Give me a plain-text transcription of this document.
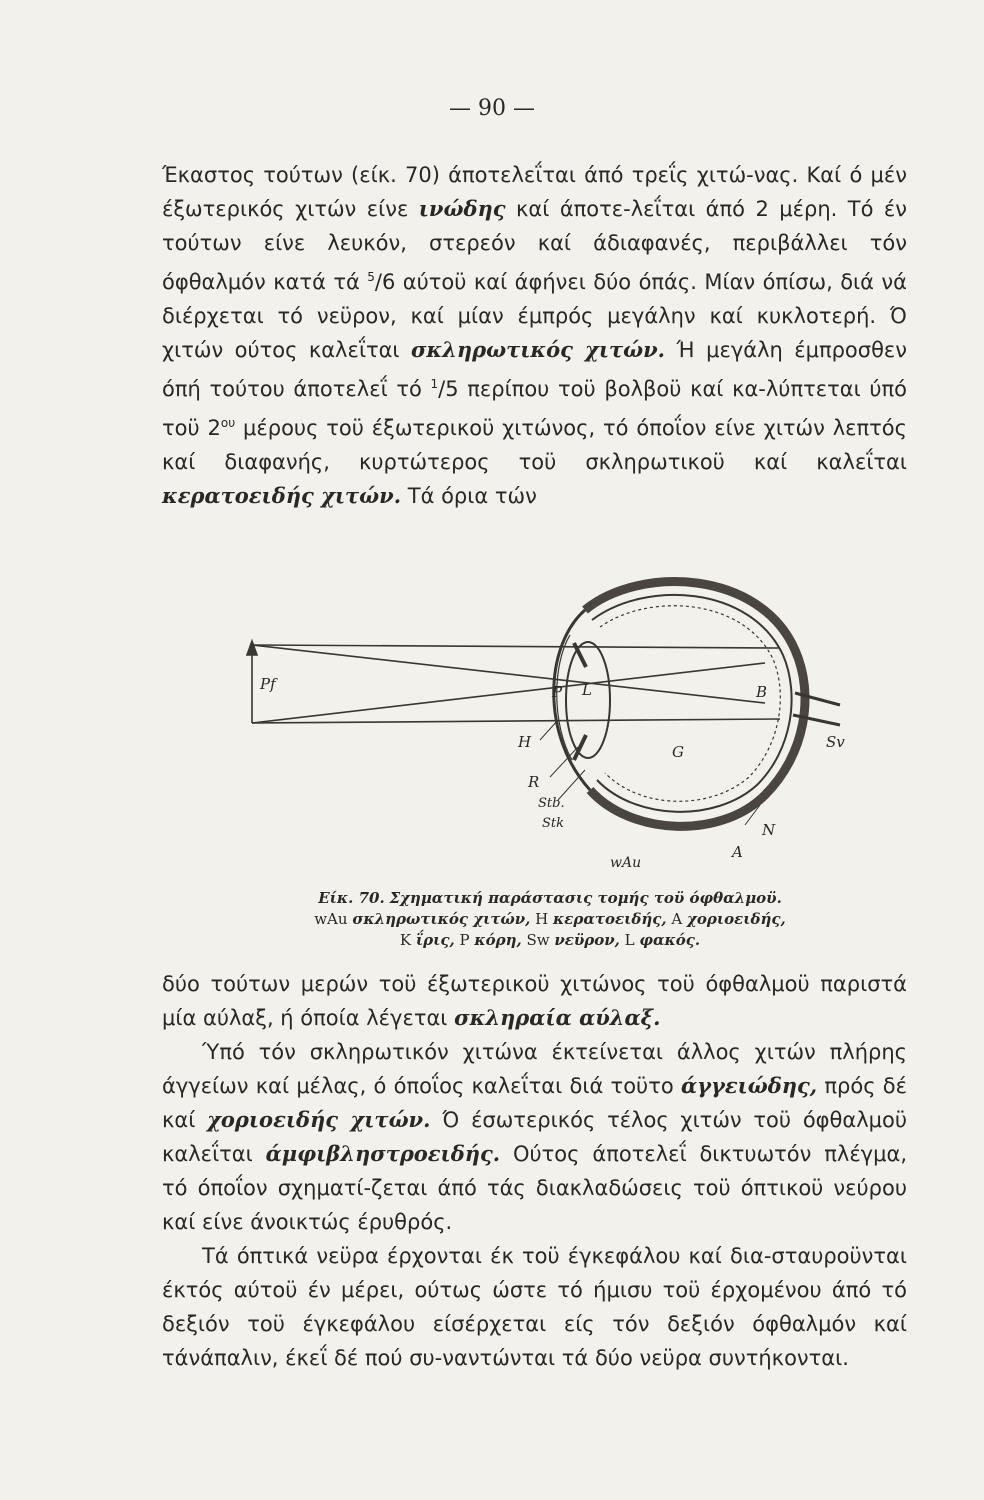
— 90 —

Έκαστος τούτων (είκ. 70) άποτελεΐται άπό τρεΐς χιτώ-νας. Καί ό μέν έξωτερικός χιτών είνε ινώδης καί άποτε-λεΐται άπό 2 μέρη. Τό έν τούτων είνε λευκόν, στερεόν καί άδιαφανές, περιβάλλει τόν όφθαλμόν κατά τά $^5$/6 αύτοϋ καί άφήνει δύο όπάς. Μίαν όπίσω, διά νά διέρχεται τό νεϋρον, καί μίαν έμπρός μεγάλην καί κυκλοτερή. Ό χιτών ούτος καλεΐται σκληρωτικός χιτών. Ή μεγάλη έμπροσθεν όπή τούτου άποτελεΐ τό $^1$/5 περίπου τοϋ βολβοϋ καί κα-λύπτεται ύπό τοϋ $2^{o\upsilon}$ μέρους τοϋ έξωτερικοϋ χιτώνος, τό όποΐον είνε χιτών λεπτός καί διαφανής, κυρτώτερος τοϋ σκληρωτικοϋ καί καλεΐται κερατοειδής χιτών. Τά όρια τών

Pf	P L	B
Sv
H
G
R
Stb.
Stk	N
A
wAu
Είκ. 70. Σχηματική παράστασις τομής τοϋ όφθαλμοϋ.
wAu σκληρωτικός χιτών, H κερατοειδής, A χοριοειδής,
K ΐρις, P κόρη, Sw νεϋρον, L φακός.

δύο τούτων μερών τοϋ έξωτερικοϋ χιτώνος τοϋ όφθαλμοϋ παριστά μία αύλαξ, ή όποία λέγεται σκληραία αύλαξ.

Ύπό τόν σκληρωτικόν χιτώνα έκτείνεται άλλος χιτών πλήρης άγγείων καί μέλας, ό όποΐος καλεΐται διά τοϋτο άγγειώδης, πρός δέ καί χοριοειδής χιτών. Ό έσωτερικός τέλος χιτών τοϋ όφθαλμοϋ καλεΐται άμφιβληστροειδής. Ούτος άποτελεΐ δικτυωτόν πλέγμα, τό όποΐον σχηματί-ζεται άπό τάς διακλαδώσεις τοϋ όπτικοϋ νεύρου καί είνε άνοικτώς έρυθρός.

Τά όπτικά νεϋρα έρχονται έκ τοϋ έγκεφάλου καί δια-σταυροϋνται έκτός αύτοϋ έν μέρει, ούτως ώστε τό ήμισυ τοϋ έρχομένου άπό τό δεξιόν τοϋ έγκεφάλου είσέρχεται είς τόν δεξιόν όφθαλμόν καί τάνάπαλιν, έκεΐ δέ πού συ-ναντώνται τά δύο νεϋρα συντήκονται.
